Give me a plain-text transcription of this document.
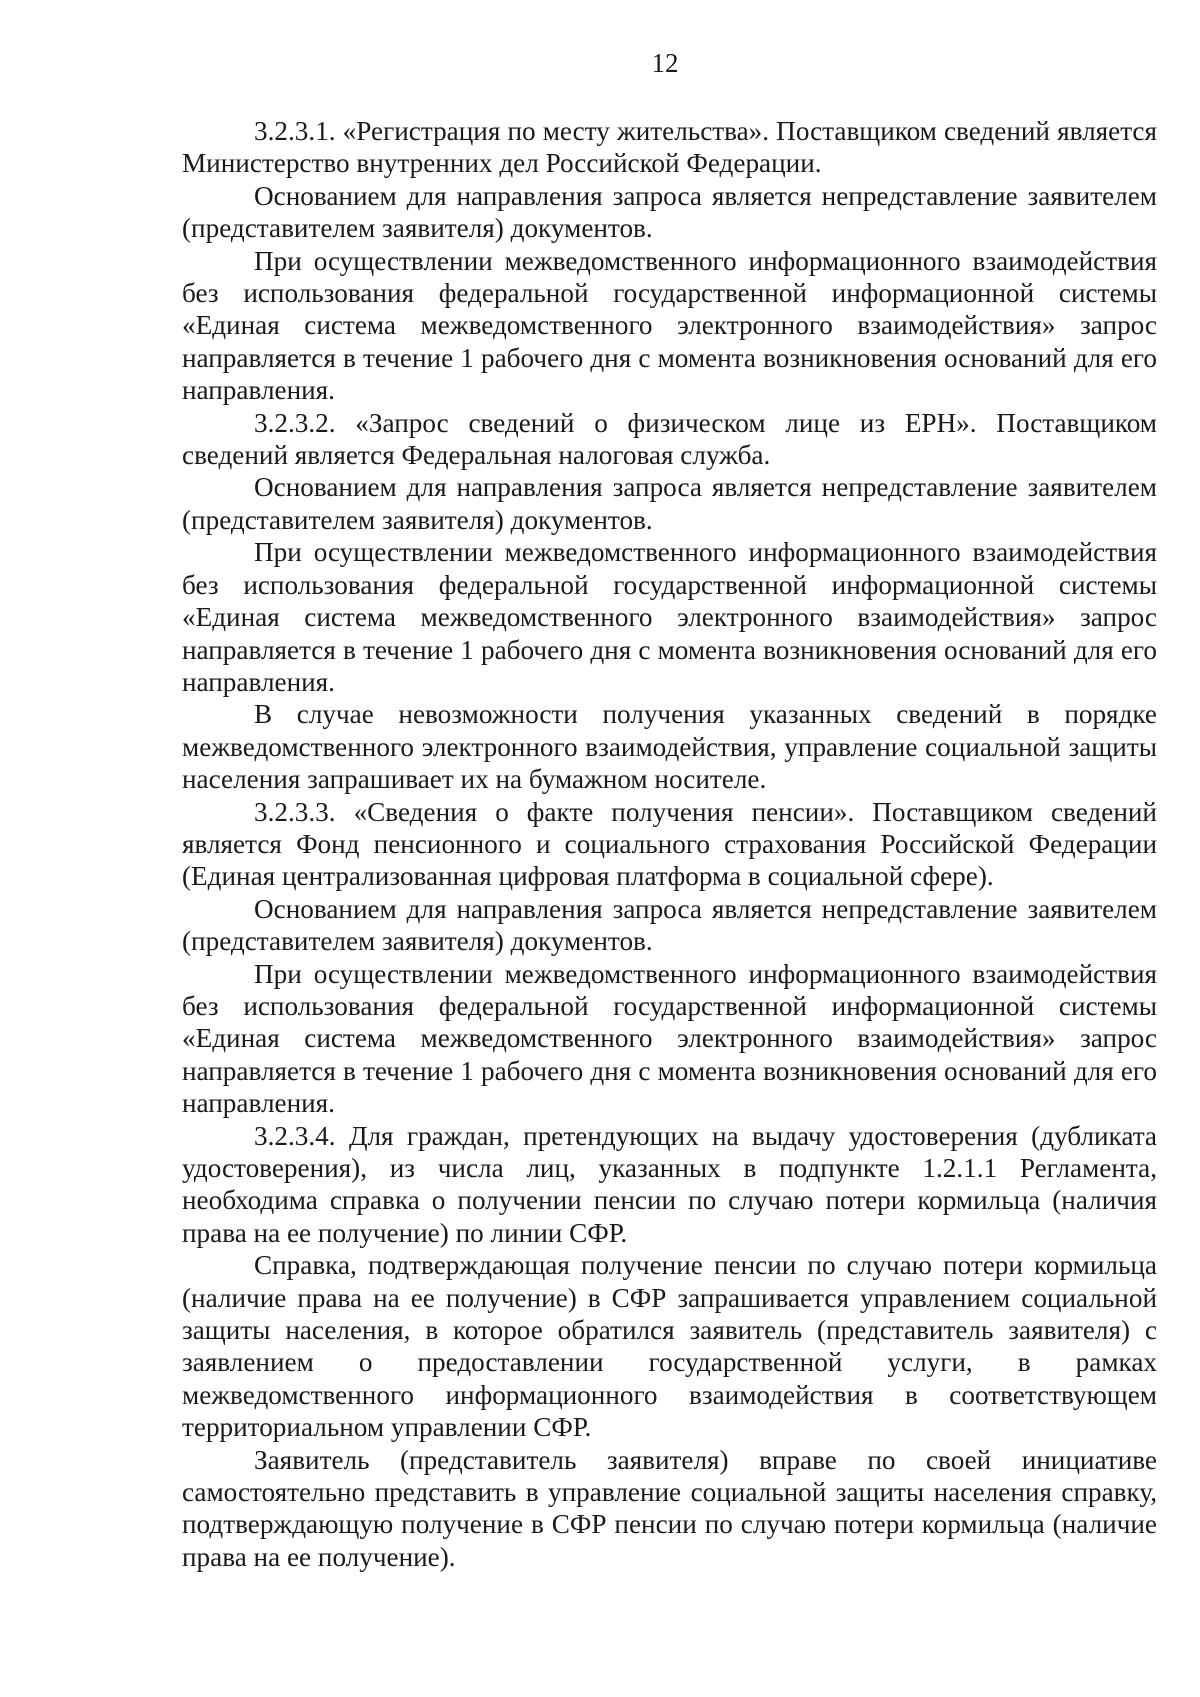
12

3.2.3.1. «Регистрация по месту жительства». Поставщиком сведений является Министерство внутренних дел Российской Федерации.

Основанием для направления запроса является непредставление заявителем (представителем заявителя) документов.

При осуществлении межведомственного информационного взаимодействия без использования федеральной государственной информационной системы «Единая система межведомственного электронного взаимодействия» запрос направляется в течение 1 рабочего дня с момента возникновения оснований для его направления.

3.2.3.2. «Запрос сведений о физическом лице из ЕРН». Поставщиком сведений является Федеральная налоговая служба.

Основанием для направления запроса является непредставление заявителем (представителем заявителя) документов.

При осуществлении межведомственного информационного взаимодействия без использования федеральной государственной информационной системы «Единая система межведомственного электронного взаимодействия» запрос направляется в течение 1 рабочего дня с момента возникновения оснований для его направления.

В случае невозможности получения указанных сведений в порядке межведомственного электронного взаимодействия, управление социальной защиты населения запрашивает их на бумажном носителе.

3.2.3.3. «Сведения о факте получения пенсии». Поставщиком сведений является Фонд пенсионного и социального страхования Российской Федерации (Единая централизованная цифровая платформа в социальной сфере).

Основанием для направления запроса является непредставление заявителем (представителем заявителя) документов.

При осуществлении межведомственного информационного взаимодействия без использования федеральной государственной информационной системы «Единая система межведомственного электронного взаимодействия» запрос направляется в течение 1 рабочего дня с момента возникновения оснований для его направления.

3.2.3.4. Для граждан, претендующих на выдачу удостоверения (дубликата удостоверения), из числа лиц, указанных в подпункте 1.2.1.1 Регламента, необходима справка о получении пенсии по случаю потери кормильца (наличия права на ее получение) по линии СФР.

Справка, подтверждающая получение пенсии по случаю потери кормильца (наличие права на ее получение) в СФР запрашивается управлением социальной защиты населения, в которое обратился заявитель (представитель заявителя) с заявлением о предоставлении государственной услуги, в рамках межведомственного информационного взаимодействия в соответствующем территориальном управлении СФР.

Заявитель (представитель заявителя) вправе по своей инициативе самостоятельно представить в управление социальной защиты населения справку, подтверждающую получение в СФР пенсии по случаю потери кормильца (наличие права на ее получение).
